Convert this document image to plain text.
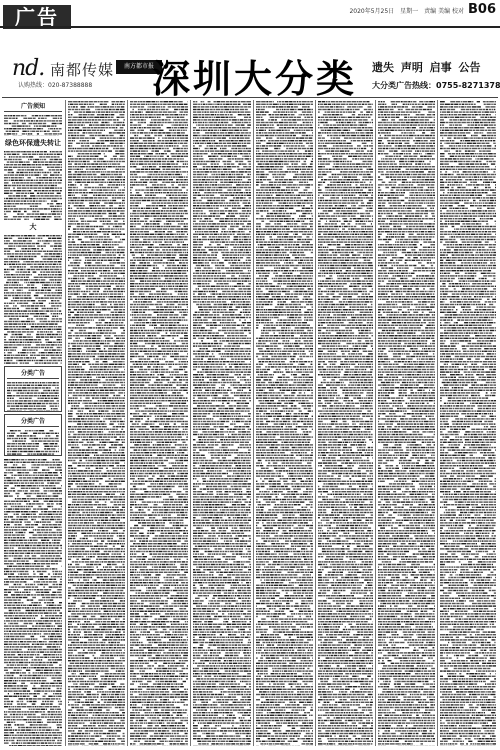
广告	2020年5月25日　星期一　责编 美编 校对 B06
nd. 南都传媒	南方都市报
认购热线：020-87388888 深圳大分类 遗失 声明 启事 公告
大分类广告热线：0755-82713783
广告须知
绿色环保遗失转让
大
分类广告
分类广告
